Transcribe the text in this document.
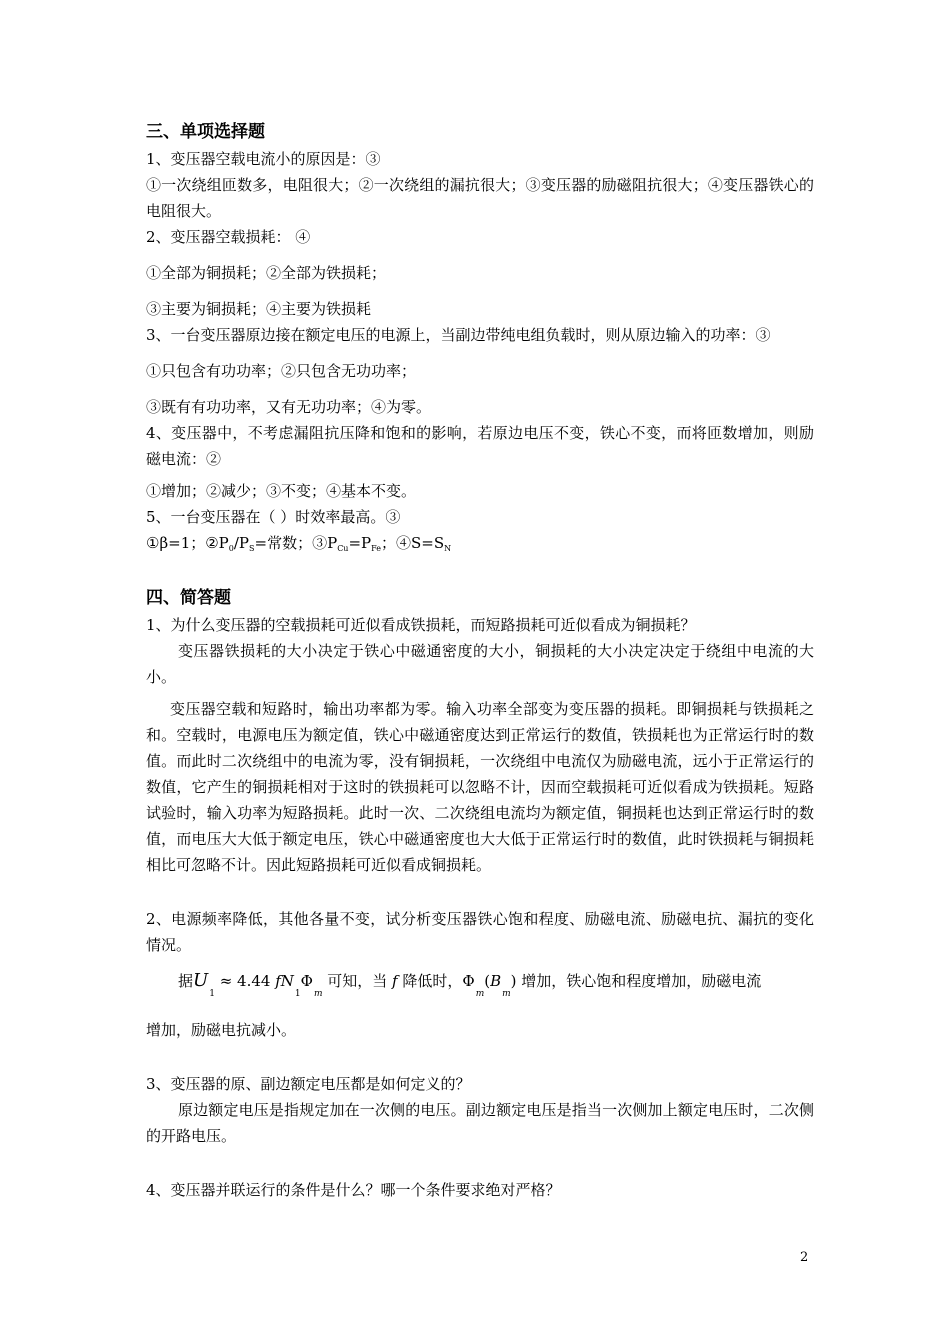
三、单项选择题

1、变压器空载电流小的原因是：③

①一次绕组匝数多，电阻很大；②一次绕组的漏抗很大；③变压器的励磁阻抗很大；④变压器铁心的电阻很大。

2、变压器空载损耗： ④

①全部为铜损耗；②全部为铁损耗；

③主要为铜损耗；④主要为铁损耗

3、一台变压器原边接在额定电压的电源上，当副边带纯电组负载时，则从原边输入的功率：③

①只包含有功功率；②只包含无功功率；

③既有有功功率，又有无功功率；④为零。

4、变压器中，不考虑漏阻抗压降和饱和的影响，若原边电压不变，铁心不变，而将匝数增加，则励磁电流：②

①增加；②减少；③不变；④基本不变。

5、一台变压器在（ ）时效率最高。③

①β=1；$②P_0/P_S=$常数；$③P_{Cu}=P_{Fe}$；$④S=S_N$

四、简答题

1、为什么变压器的空载损耗可近似看成铁损耗，而短路损耗可近似看成为铜损耗？

变压器铁损耗的大小决定于铁心中磁通密度的大小，铜损耗的大小决定决定于绕组中电流的大小。

变压器空载和短路时，输出功率都为零。输入功率全部变为变压器的损耗。即铜损耗与铁损耗之和。空载时，电源电压为额定值，铁心中磁通密度达到正常运行的数值，铁损耗也为正常运行时的数值。而此时二次绕组中的电流为零，没有铜损耗，一次绕组中电流仅为励磁电流，远小于正常运行的数值，它产生的铜损耗相对于这时的铁损耗可以忽略不计，因而空载损耗可近似看成为铁损耗。短路试验时，输入功率为短路损耗。此时一次、二次绕组电流均为额定值，铜损耗也达到正常运行时的数值，而电压大大低于额定电压，铁心中磁通密度也大大低于正常运行时的数值，此时铁损耗与铜损耗相比可忽略不计。因此短路损耗可近似看成铜损耗。

2、电源频率降低，其他各量不变，试分析变压器铁心饱和程度、励磁电流、励磁电抗、漏抗的变化情况。

据$U_1 \approx 4.44$ $fN_1\Phi_m$ 可知，当 f 降低时，$\Phi_m(B_m)$ 增加，铁心饱和程度增加，励磁电流

增加，励磁电抗减小。

3、变压器的原、副边额定电压都是如何定义的？

原边额定电压是指规定加在一次侧的电压。副边额定电压是指当一次侧加上额定电压时，二次侧的开路电压。

4、变压器并联运行的条件是什么？哪一个条件要求绝对严格？

2
